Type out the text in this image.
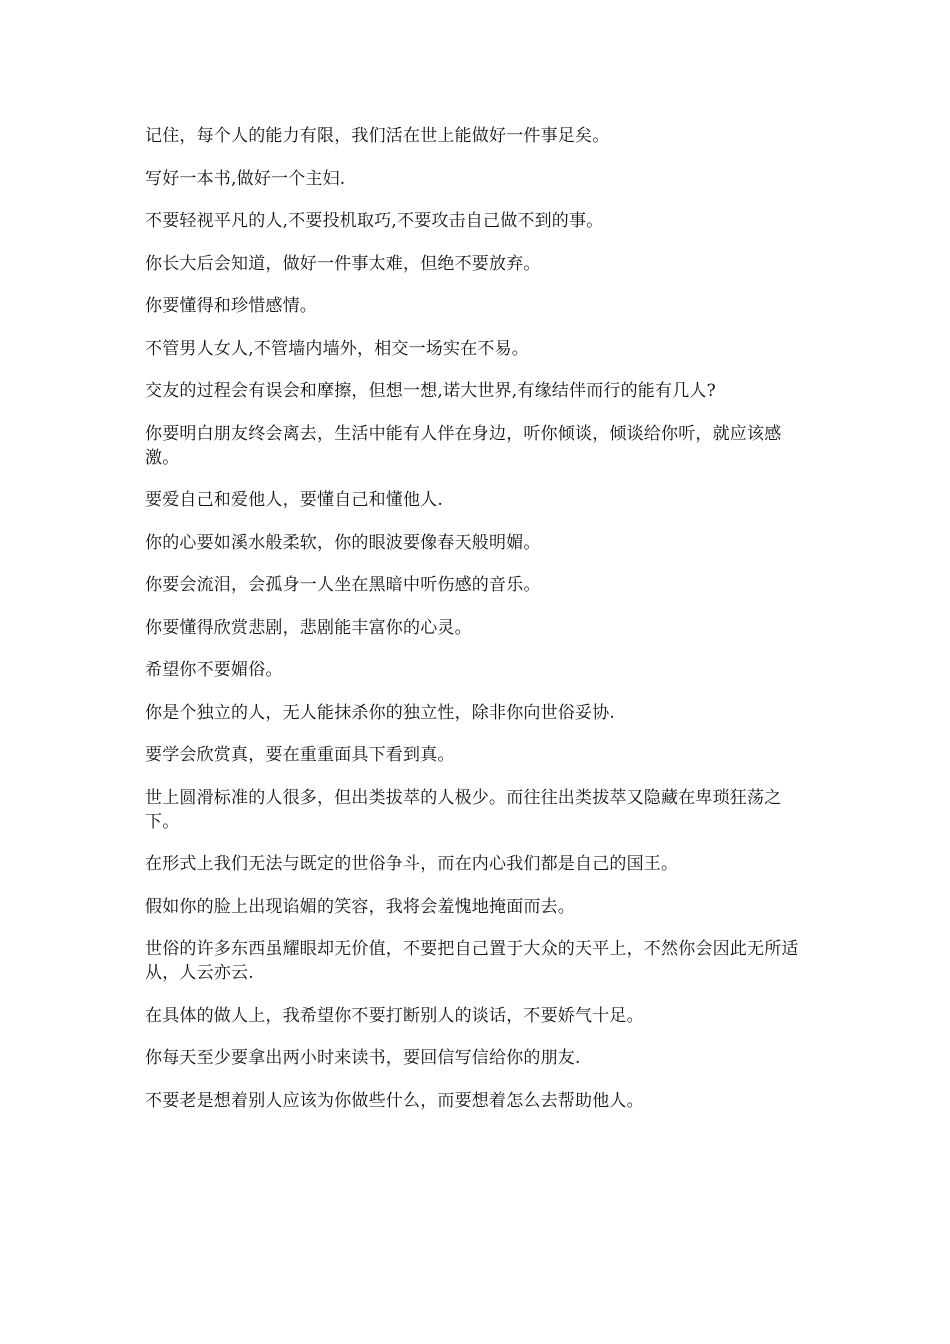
记住，每个人的能力有限，我们活在世上能做好一件事足矣。

写好一本书,做好一个主妇.

不要轻视平凡的人,不要投机取巧,不要攻击自己做不到的事。

你长大后会知道，做好一件事太难，但绝不要放弃。

你要懂得和珍惜感情。

不管男人女人,不管墙内墙外，相交一场实在不易。

交友的过程会有误会和摩擦，但想一想,诺大世界,有缘结伴而行的能有几人?

你要明白朋友终会离去，生活中能有人伴在身边，听你倾谈，倾谈给你听，就应该感激。

要爱自己和爱他人，要懂自己和懂他人.

你的心要如溪水般柔软，你的眼波要像春天般明媚。

你要会流泪，会孤身一人坐在黑暗中听伤感的音乐。

你要懂得欣赏悲剧，悲剧能丰富你的心灵。

希望你不要媚俗。

你是个独立的人，无人能抹杀你的独立性，除非你向世俗妥协.

要学会欣赏真，要在重重面具下看到真。

世上圆滑标准的人很多，但出类拔萃的人极少。而往往出类拔萃又隐藏在卑琐狂荡之下。

在形式上我们无法与既定的世俗争斗，而在内心我们都是自己的国王。

假如你的脸上出现谄媚的笑容，我将会羞愧地掩面而去。

世俗的许多东西虽耀眼却无价值，不要把自己置于大众的天平上，不然你会因此无所适从，人云亦云.

在具体的做人上，我希望你不要打断别人的谈话，不要娇气十足。

你每天至少要拿出两小时来读书，要回信写信给你的朋友.

不要老是想着别人应该为你做些什么，而要想着怎么去帮助他人。
